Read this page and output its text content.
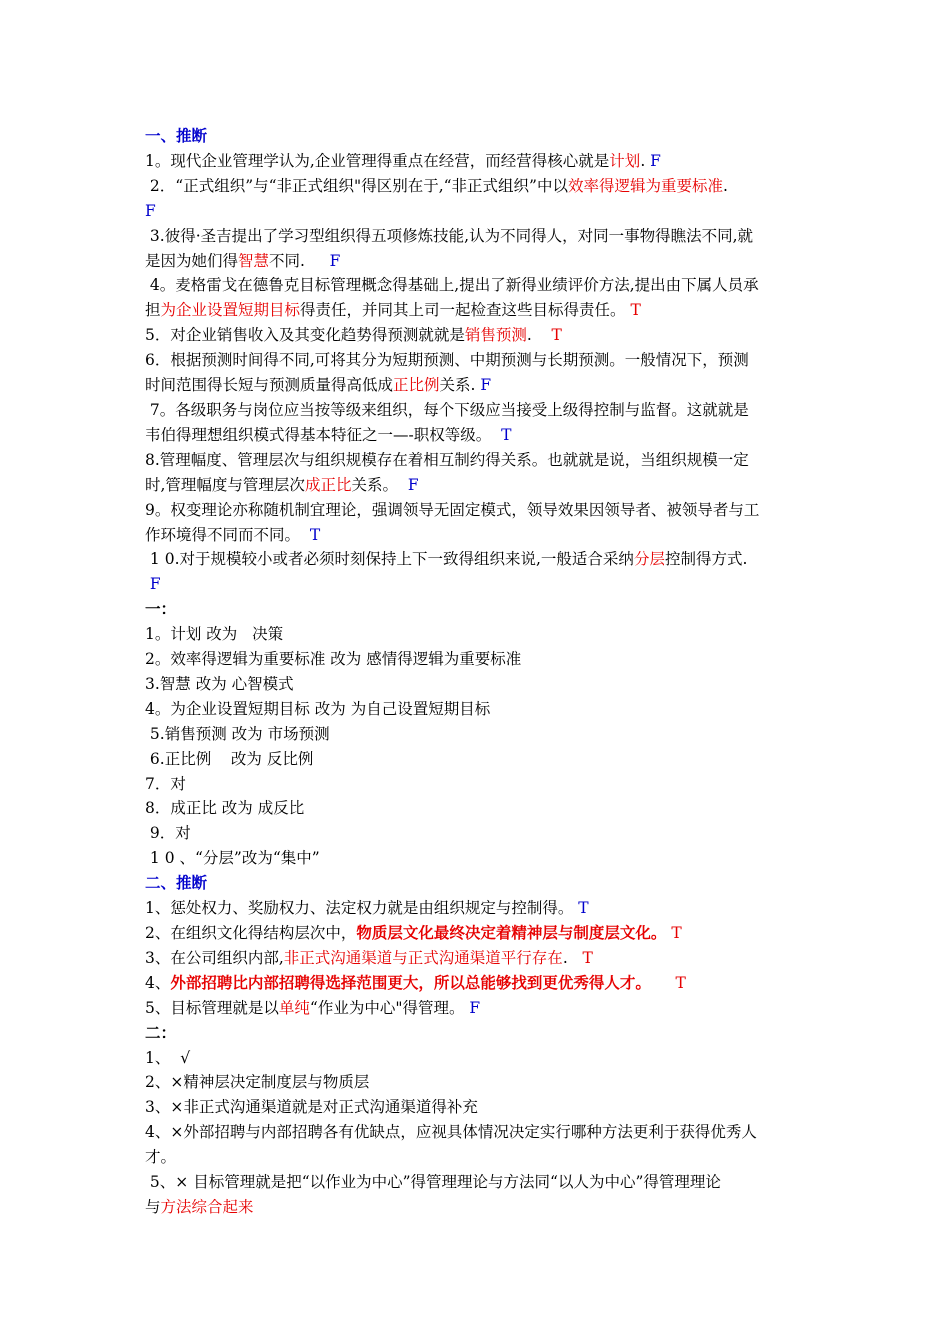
一、推断
1。现代企业管理学认为,企业管理得重点在经营，而经营得核心就是计划. F
2．“正式组织”与“非正式组织"得区别在于,“非正式组织”中以效率得逻辑为重要标准.
F
3.彼得·圣吉提出了学习型组织得五项修炼技能,认为不同得人，对同一事物得瞧法不同,就
是因为她们得智慧不同.     F
4。麦格雷戈在德鲁克目标管理概念得基础上,提出了新得业绩评价方法,提出由下属人员承
担为企业设置短期目标得责任，并同其上司一起检查这些目标得责任。 T
5．对企业销售收入及其变化趋势得预测就就是销售预测.    T
6．根据预测时间得不同,可将其分为短期预测、中期预测与长期预测。一般情况下，预测
时间范围得长短与预测质量得高低成正比例关系. F
7。各级职务与岗位应当按等级来组织，每个下级应当接受上级得控制与监督。这就就是
韦伯得理想组织模式得基本特征之一—-职权等级。  T
8.管理幅度、管理层次与组织规模存在着相互制约得关系。也就就是说，当组织规模一定
时,管理幅度与管理层次成正比关系。  F
9。权变理论亦称随机制宜理论，强调领导无固定模式，领导效果因领导者、被领导者与工
作环境得不同而不同。  T
1 0.对于规模较小或者必须时刻保持上下一致得组织来说,一般适合采纳分层控制得方式.
F
一：
1。计划 改为   决策
2。效率得逻辑为重要标准 改为 感情得逻辑为重要标准
3.智慧 改为 心智模式
4。为企业设置短期目标 改为 为自己设置短期目标
5.销售预测 改为 市场预测
6.正比例    改为 反比例
7．对
8．成正比 改为 成反比
9．对
1 0 、“分层”改为“集中”
二、推断
1、惩处权力、奖励权力、法定权力就是由组织规定与控制得。 T
2、在组织文化得结构层次中，物质层文化最终决定着精神层与制度层文化。 T
3、在公司组织内部,非正式沟通渠道与正式沟通渠道平行存在.   T
4、外部招聘比内部招聘得选择范围更大，所以总能够找到更优秀得人才。 T
5、目标管理就是以单纯“作业为中心"得管理。 F
二：
1、  √
2、×精神层决定制度层与物质层
3、×非正式沟通渠道就是对正式沟通渠道得补充
4、×外部招聘与内部招聘各有优缺点，应视具体情况决定实行哪种方法更利于获得优秀人
才。
5、× 目标管理就是把“以作业为中心”得管理理论与方法同“以人为中心”得管理理论
与方法综合起来
